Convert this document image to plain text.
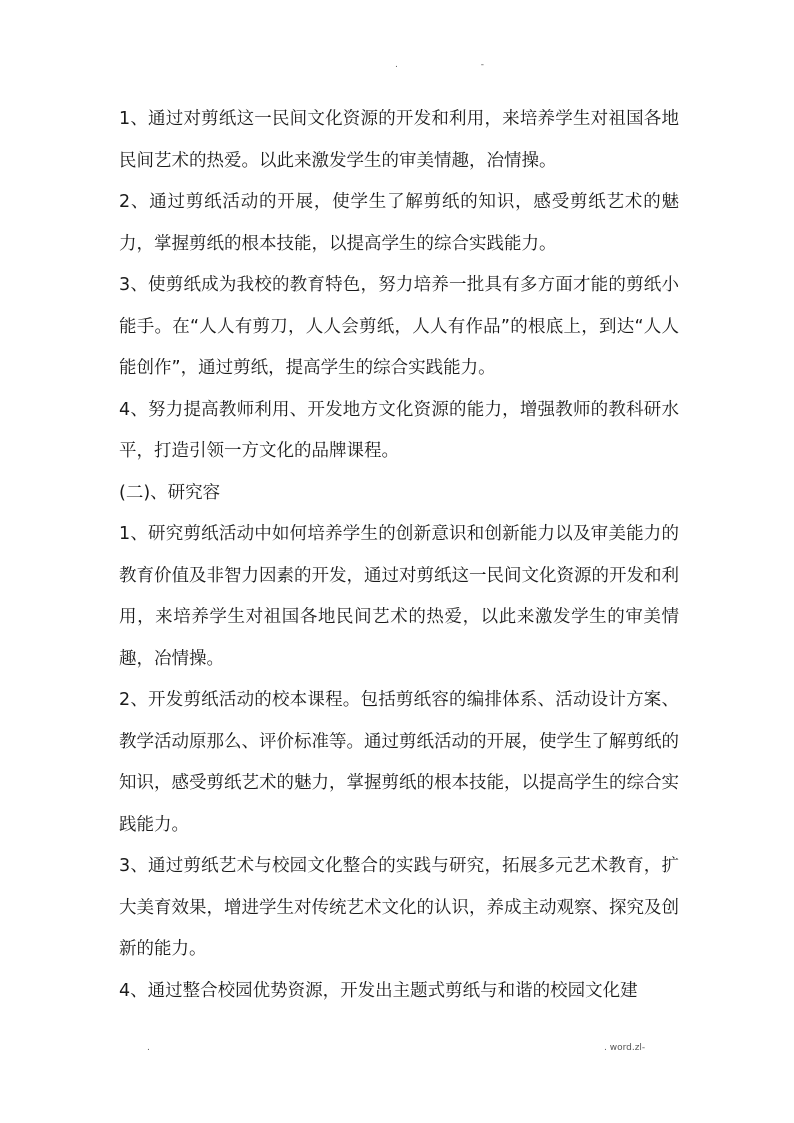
. -

1、通过对剪纸这一民间文化资源的开发和利用，来培养学生对祖国各地民间艺术的热爱。以此来激发学生的审美情趣，冶情操。

2、通过剪纸活动的开展，使学生了解剪纸的知识，感受剪纸艺术的魅力，掌握剪纸的根本技能，以提高学生的综合实践能力。

3、使剪纸成为我校的教育特色，努力培养一批具有多方面才能的剪纸小能手。在“人人有剪刀，人人会剪纸，人人有作品”的根底上，到达“人人能创作”，通过剪纸，提高学生的综合实践能力。

4、努力提高教师利用、开发地方文化资源的能力，增强教师的教科研水平，打造引领一方文化的品牌课程。

(二)、研究容

1、研究剪纸活动中如何培养学生的创新意识和创新能力以及审美能力的教育价值及非智力因素的开发，通过对剪纸这一民间文化资源的开发和利用，来培养学生对祖国各地民间艺术的热爱，以此来激发学生的审美情趣，冶情操。

2、开发剪纸活动的校本课程。包括剪纸容的编排体系、活动设计方案、教学活动原那么、评价标准等。通过剪纸活动的开展，使学生了解剪纸的知识，感受剪纸艺术的魅力，掌握剪纸的根本技能，以提高学生的综合实践能力。

3、通过剪纸艺术与校园文化整合的实践与研究，拓展多元艺术教育，扩大美育效果，增进学生对传统艺术文化的认识，养成主动观察、探究及创新的能力。

4、通过整合校园优势资源，开发出主题式剪纸与和谐的校园文化建

.	. word.zl-
